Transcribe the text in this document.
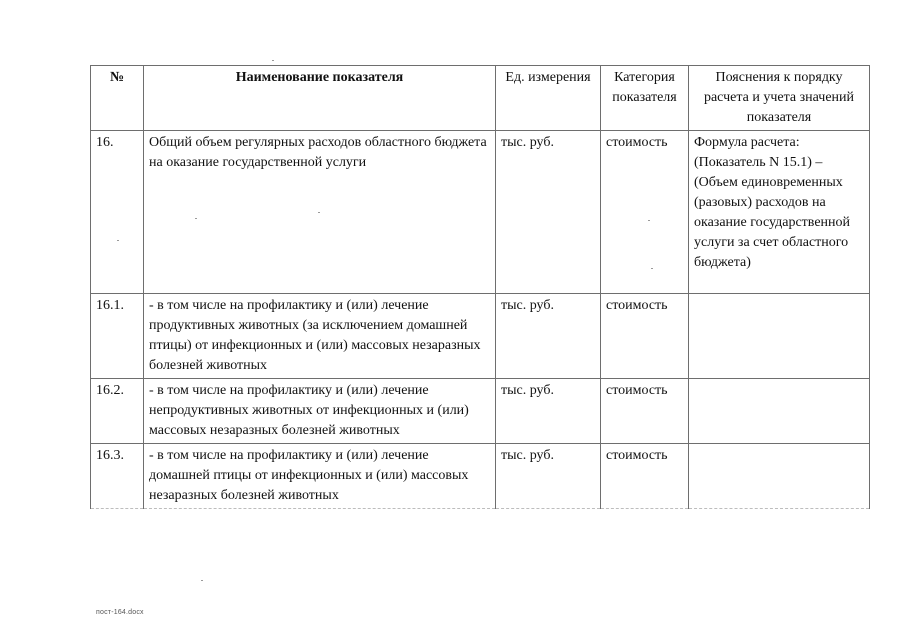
№	Наименование показателя	Ед. измерения	Категория показателя	Пояснения к порядку расчета и учета значений показателя
16.	Общий объем регулярных расходов областного бюджета на оказание государственной услуги	тыс. руб.	стоимость	Формула расчета: (Показатель N 15.1) – (Объем единовременных (разовых) расходов на оказание государственной услуги за счет областного бюджета)
16.1.	- в том числе на профилактику и (или) лечение продуктивных животных (за исключением домашней птицы) от инфекционных и (или) массовых незаразных болезней животных	тыс. руб.	стоимость	
16.2.	- в том числе на профилактику и (или) лечение непродуктивных животных от инфекционных и (или) массовых незаразных болезней животных	тыс. руб.	стоимость	
16.3.	- в том числе на профилактику и (или) лечение домашней птицы от инфекционных и (или) массовых незаразных болезней животных	тыс. руб.	стоимость	
пост-164.docx
